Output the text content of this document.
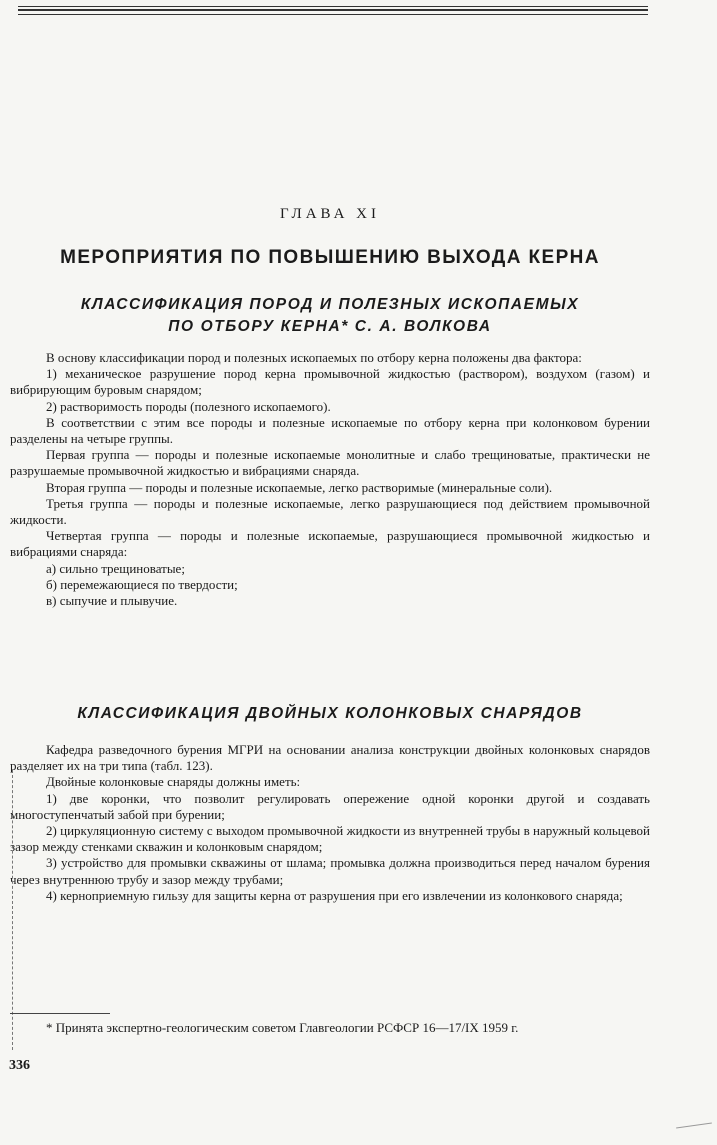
ГЛАВА XI
МЕРОПРИЯТИЯ ПО ПОВЫШЕНИЮ ВЫХОДА КЕРНА
КЛАССИФИКАЦИЯ ПОРОД И ПОЛЕЗНЫХ ИСКОПАЕМЫХ
ПО ОТБОРУ КЕРНА* С. А. ВОЛКОВА

В основу классификации пород и полезных ископаемых по отбору керна положены два фактора:

1) механическое разрушение пород керна промывочной жидкостью (раствором), воздухом (газом) и вибрирующим буровым снарядом;

2) растворимость породы (полезного ископаемого).

В соответствии с этим все породы и полезные ископаемые по отбору керна при колонковом бурении разделены на четыре группы.

Первая группа — породы и полезные ископаемые монолитные и слабо трещиноватые, практически не разрушаемые промывочной жидкостью и вибрациями снаряда.

Вторая группа — породы и полезные ископаемые, легко растворимые (минеральные соли).

Третья группа — породы и полезные ископаемые, легко разрушающиеся под действием промывочной жидкости.

Четвертая группа — породы и полезные ископаемые, разрушающиеся промывочной жидкостью и вибрациями снаряда:

а) сильно трещиноватые;

б) перемежающиеся по твердости;

в) сыпучие и плывучие.

КЛАССИФИКАЦИЯ ДВОЙНЫХ КОЛОНКОВЫХ СНАРЯДОВ

Кафедра разведочного бурения МГРИ на основании анализа конструкции двойных колонковых снарядов разделяет их на три типа (табл. 123).

Двойные колонковые снаряды должны иметь:

1) две коронки, что позволит регулировать опережение одной коронки другой и создавать многоступенчатый забой при бурении;

2) циркуляционную систему с выходом промывочной жидкости из внутренней трубы в наружный кольцевой зазор между стенками скважин и колонковым снарядом;

3) устройство для промывки скважины от шлама; промывка должна производиться перед началом бурения через внутреннюю трубу и зазор между трубами;

4) кернoприемную гильзу для защиты керна от разрушения при его извлечении из колонкового снаряда;

* Принята экспертно-геологическим советом Главгеологии РСФСР 16—17/IX 1959 г.

336
